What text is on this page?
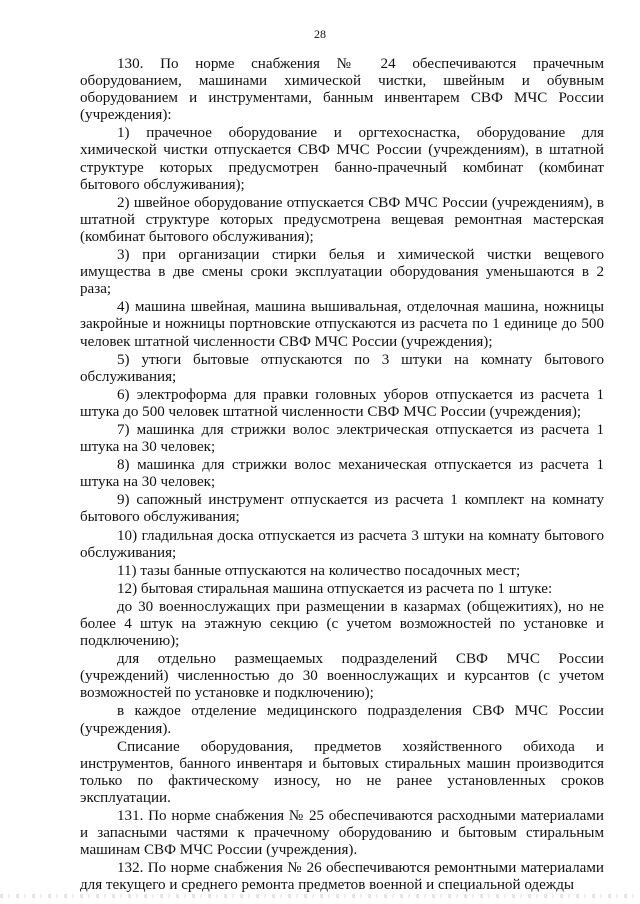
28

130. По норме снабжения № 24 обеспечиваются прачечным оборудованием, машинами химической чистки, швейным и обувным оборудованием и инструментами, банным инвентарем СВФ МЧС России (учреждения):

1) прачечное оборудование и оргтехоснастка, оборудование для химической чистки отпускается СВФ МЧС России (учреждениям), в штатной структуре которых предусмотрен банно-прачечный комбинат (комбинат бытового обслуживания);

2) швейное оборудование отпускается СВФ МЧС России (учреждениям), в штатной структуре которых предусмотрена вещевая ремонтная мастерская (комбинат бытового обслуживания);

3) при организации стирки белья и химической чистки вещевого имущества в две смены сроки эксплуатации оборудования уменьшаются в 2 раза;

4) машина швейная, машина вышивальная, отделочная машина, ножницы закройные и ножницы портновские отпускаются из расчета по 1 единице до 500 человек штатной численности СВФ МЧС России (учреждения);

5) утюги бытовые отпускаются по 3 штуки на комнату бытового обслуживания;

6) электроформа для правки головных уборов отпускается из расчета 1 штука до 500 человек штатной численности СВФ МЧС России (учреждения);

7) машинка для стрижки волос электрическая отпускается из расчета 1 штука на 30 человек;

8) машинка для стрижки волос механическая отпускается из расчета 1 штука на 30 человек;

9) сапожный инструмент отпускается из расчета 1 комплект на комнату бытового обслуживания;

10) гладильная доска отпускается из расчета 3 штуки на комнату бытового обслуживания;

11) тазы банные отпускаются на количество посадочных мест;

12) бытовая стиральная машина отпускается из расчета по 1 штуке:

до 30 военнослужащих при размещении в казармах (общежитиях), но не более 4 штук на этажную секцию (с учетом возможностей по установке и подключению);

для отдельно размещаемых подразделений СВФ МЧС России (учреждений) численностью до 30 военнослужащих и курсантов (с учетом возможностей по установке и подключению);

в каждое отделение медицинского подразделения СВФ МЧС России (учреждения).

Списание оборудования, предметов хозяйственного обихода и инструментов, банного инвентаря и бытовых стиральных машин производится только по фактическому износу, но не ранее установленных сроков эксплуатации.

131. По норме снабжения № 25 обеспечиваются расходными материалами и запасными частями к прачечному оборудованию и бытовым стиральным машинам СВФ МЧС России (учреждения).

132. По норме снабжения № 26 обеспечиваются ремонтными материалами для текущего и среднего ремонта предметов военной и специальной одежды
